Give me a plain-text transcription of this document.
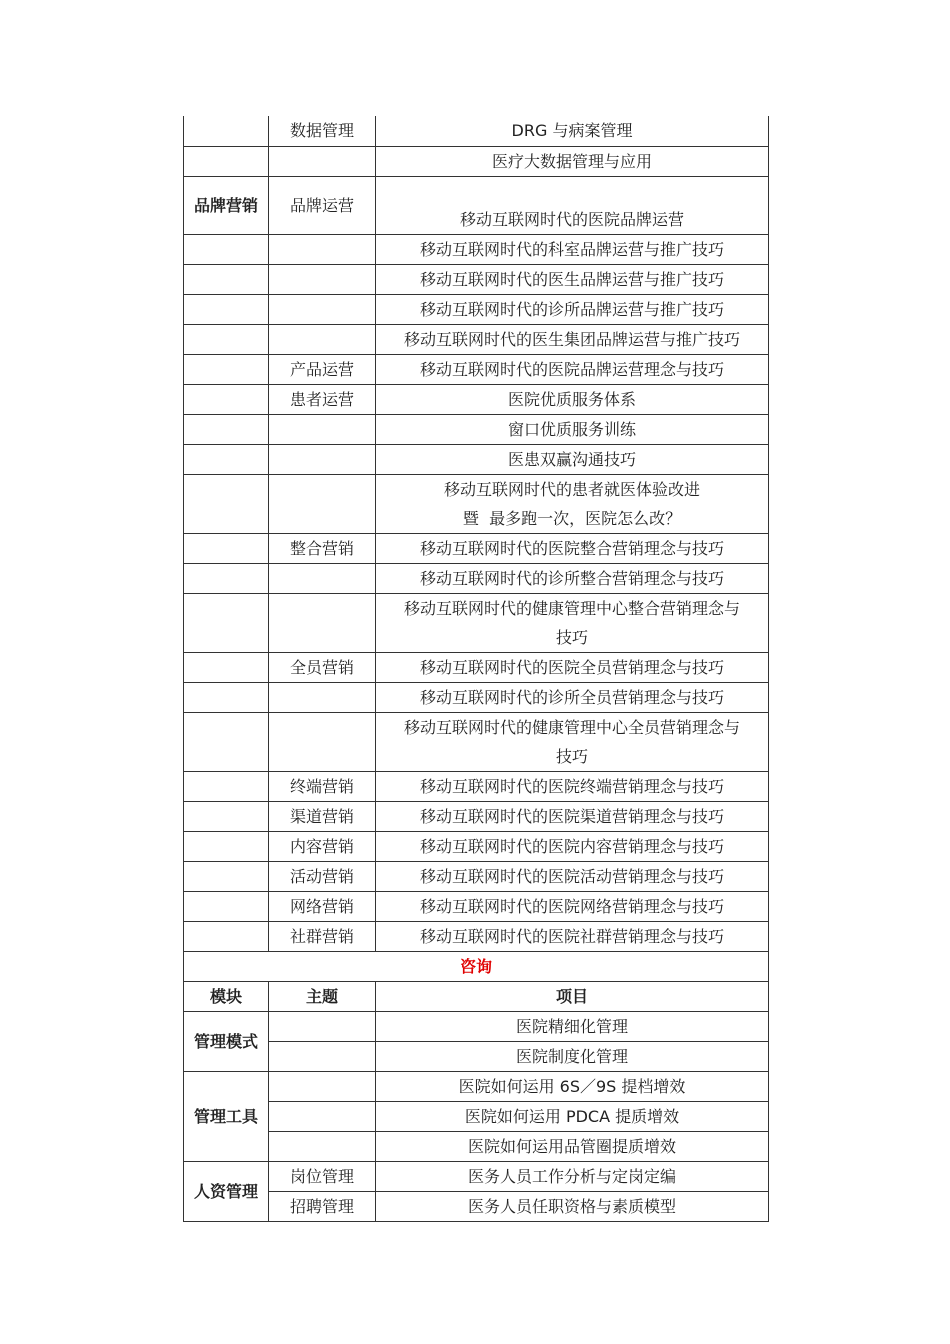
	数据管理	DRG 与病案管理
		医疗大数据管理与应用
品牌营销	品牌运营	移动互联网时代的医院品牌运营
		移动互联网时代的科室品牌运营与推广技巧
		移动互联网时代的医生品牌运营与推广技巧
		移动互联网时代的诊所品牌运营与推广技巧
		移动互联网时代的医生集团品牌运营与推广技巧
	产品运营	移动互联网时代的医院品牌运营理念与技巧
	患者运营	医院优质服务体系
		窗口优质服务训练
		医患双赢沟通技巧

		移动互联网时代的患者就医体验改进
暨  最多跑一次，医院怎么改？

	整合营销	移动互联网时代的医院整合营销理念与技巧
		移动互联网时代的诊所整合营销理念与技巧

		移动互联网时代的健康管理中心整合营销理念与
技巧

	全员营销	移动互联网时代的医院全员营销理念与技巧
		移动互联网时代的诊所全员营销理念与技巧

		移动互联网时代的健康管理中心全员营销理念与
技巧

	终端营销	移动互联网时代的医院终端营销理念与技巧
	渠道营销	移动互联网时代的医院渠道营销理念与技巧
	内容营销	移动互联网时代的医院内容营销理念与技巧
	活动营销	移动互联网时代的医院活动营销理念与技巧
	网络营销	移动互联网时代的医院网络营销理念与技巧
	社群营销	移动互联网时代的医院社群营销理念与技巧
咨询		
模块	主题	项目
管理模式		医院精细化管理
		医院制度化管理
管理工具		医院如何运用 6S／9S 提档增效
		医院如何运用 PDCA 提质增效
		医院如何运用品管圈提质增效
人资管理	岗位管理	医务人员工作分析与定岗定编
	招聘管理	医务人员任职资格与素质模型
